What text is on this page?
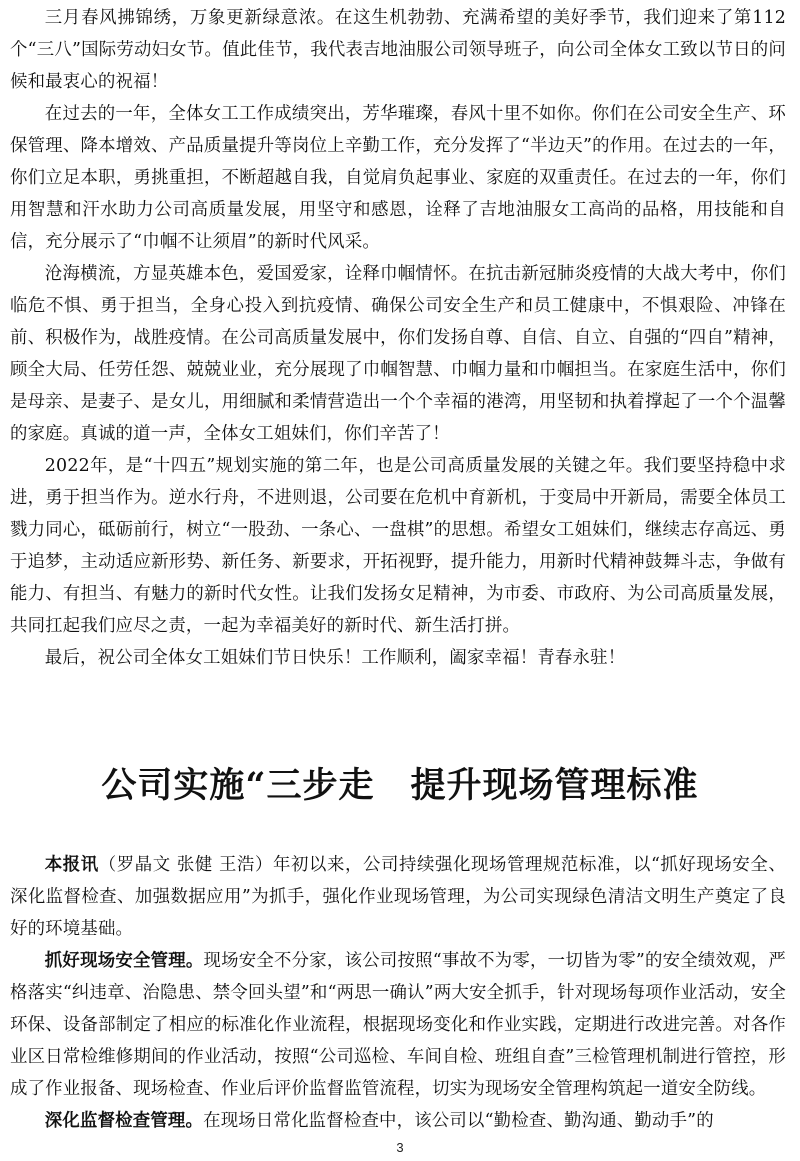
三月春风拂锦绣，万象更新绿意浓。在这生机勃勃、充满希望的美好季节，我们迎来了第112个“三八”国际劳动妇女节。值此佳节，我代表吉地油服公司领导班子，向公司全体女工致以节日的问候和最衷心的祝福！

在过去的一年，全体女工工作成绩突出，芳华璀璨，春风十里不如你。你们在公司安全生产、环保管理、降本增效、产品质量提升等岗位上辛勤工作，充分发挥了“半边天”的作用。在过去的一年，你们立足本职，勇挑重担，不断超越自我，自觉肩负起事业、家庭的双重责任。在过去的一年，你们用智慧和汗水助力公司高质量发展，用坚守和感恩，诠释了吉地油服女工高尚的品格，用技能和自信，充分展示了“巾帼不让须眉”的新时代风采。

沧海横流，方显英雄本色，爱国爱家，诠释巾帼情怀。在抗击新冠肺炎疫情的大战大考中，你们临危不惧、勇于担当，全身心投入到抗疫情、确保公司安全生产和员工健康中，不惧艰险、冲锋在前、积极作为，战胜疫情。在公司高质量发展中，你们发扬自尊、自信、自立、自强的“四自”精神，顾全大局、任劳任怨、兢兢业业，充分展现了巾帼智慧、巾帼力量和巾帼担当。在家庭生活中，你们是母亲、是妻子、是女儿，用细腻和柔情营造出一个个幸福的港湾，用坚韧和执着撑起了一个个温馨的家庭。真诚的道一声，全体女工姐妹们，你们辛苦了！

2022年，是“十四五”规划实施的第二年，也是公司高质量发展的关键之年。我们要坚持稳中求进，勇于担当作为。逆水行舟，不进则退，公司要在危机中育新机，于变局中开新局，需要全体员工戮力同心，砥砺前行，树立“一股劲、一条心、一盘棋”的思想。希望女工姐妹们，继续志存高远、勇于追梦，主动适应新形势、新任务、新要求，开拓视野，提升能力，用新时代精神鼓舞斗志，争做有能力、有担当、有魅力的新时代女性。让我们发扬女足精神，为市委、市政府、为公司高质量发展，共同扛起我们应尽之责，一起为幸福美好的新时代、新生活打拼。

最后，祝公司全体女工姐妹们节日快乐！工作顺利，阖家幸福！青春永驻！

公司实施“三步走　提升现场管理标准

本报讯（罗晶文 张健 王浩）年初以来，公司持续强化现场管理规范标准，以“抓好现场安全、深化监督检查、加强数据应用”为抓手，强化作业现场管理，为公司实现绿色清洁文明生产奠定了良好的环境基础。

抓好现场安全管理。现场安全不分家，该公司按照“事故不为零，一切皆为零”的安全绩效观，严格落实“纠违章、治隐患、禁令回头望”和“两思一确认”两大安全抓手，针对现场每项作业活动，安全环保、设备部制定了相应的标准化作业流程，根据现场变化和作业实践，定期进行改进完善。对各作业区日常检维修期间的作业活动，按照“公司巡检、车间自检、班组自查”三检管理机制进行管控，形成了作业报备、现场检查、作业后评价监督监管流程，切实为现场安全管理构筑起一道安全防线。

深化监督检查管理。在现场日常化监督检查中，该公司以“勤检查、勤沟通、勤动手”的

3
